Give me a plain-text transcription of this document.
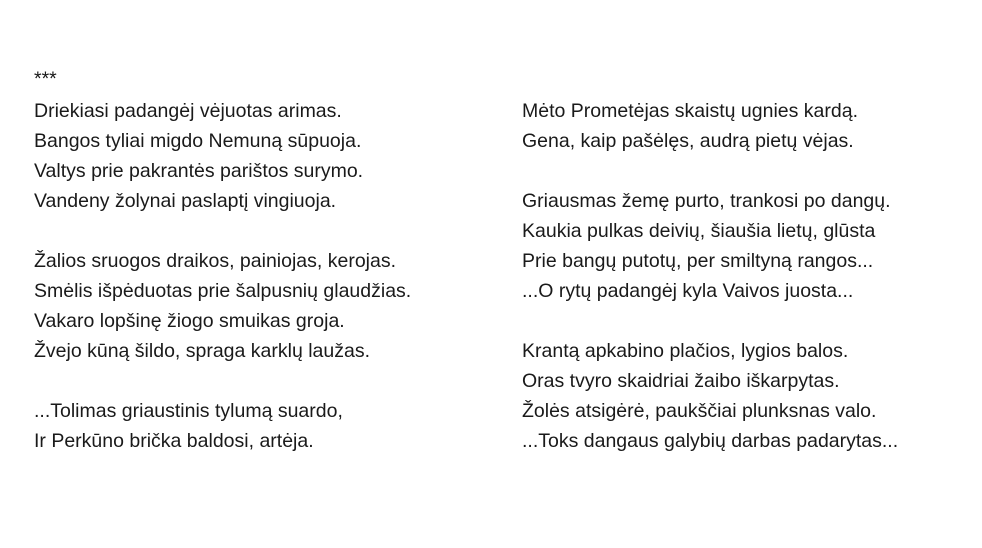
***
Driekiasi padangėj vėjuotas arimas.
Bangos tyliai migdo Nemuną sūpuoja.
Valtys prie pakrantės parištos surymo.
Vandeny žolynai paslaptį vingiuoja.
Žalios sruogos draikos, painiojas, kerojas.
Smėlis išpėduotas prie šalpusnių glaudžias.
Vakaro lopšinę žiogo smuikas groja.
Žvejo kūną šildo, spraga karklų laužas.
...Tolimas griaustinis tylumą suardo,
Ir Perkūno brička baldosi, artėja.
Mėto Prometėjas skaistų ugnies kardą.
Gena, kaip pašėlęs, audrą pietų vėjas.
Griausmas žemę purto, trankosi po dangų.
Kaukia pulkas deivių, šiaušia lietų, glūsta
Prie bangų putotų, per smiltyną rangos...
...O rytų padangėj kyla Vaivos juosta...
Krantą apkabino plačios, lygios balos.
Oras tvyro skaidriai žaibo iškarpytas.
Žolės atsigėrė, paukščiai plunksnas valo.
...Toks dangaus galybių darbas padarytas...
